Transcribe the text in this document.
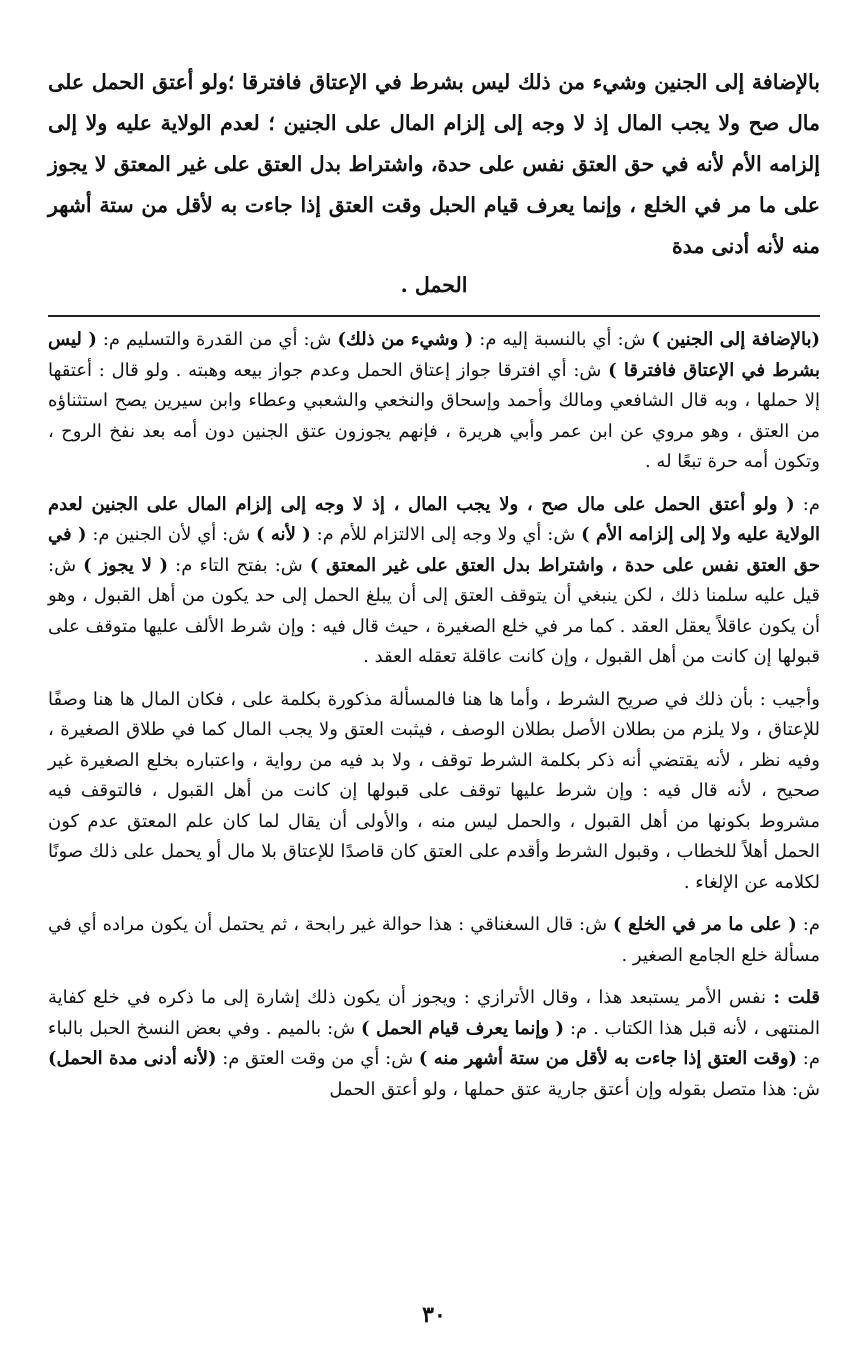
بالإضافة إلى الجنين وشيء من ذلك ليس بشرط في الإعتاق فافترقا ؛ولو أعتق الحمل على مال صح ولا يجب المال إذ لا وجه إلى إلزام المال على الجنين ؛ لعدم الولاية عليه ولا إلى إلزامه الأم لأنه في حق العتق نفس على حدة، واشتراط بدل العتق على غير المعتق لا يجوز على ما مر في الخلع ، وإنما يعرف قيام الحبل وقت العتق إذا جاءت به لأقل من ستة أشهر منه لأنه أدنى مدة

الحمل .

(بالإضافة إلى الجنين ) ش: أي بالنسبة إليه م: ( وشيء من ذلك) ش: أي من القدرة والتسليم م: ( ليس بشرط في الإعتاق فافترقا ) ش: أي افترقا جواز إعتاق الحمل وعدم جواز بيعه وهبته . ولو قال : أعتقها إلا حملها ، وبه قال الشافعي ومالك وأحمد وإسحاق والنخعي والشعبي وعطاء وابن سيرين يصح استثناؤه من العتق ، وهو مروي عن ابن عمر وأبي هريرة ، فإنهم يجوزون عتق الجنين دون أمه بعد نفخ الروح ، وتكون أمه حرة تبعًا له .

م: ( ولو أعتق الحمل على مال صح ، ولا يجب المال ، إذ لا وجه إلى إلزام المال على الجنين لعدم الولاية عليه ولا إلى إلزامه الأم ) ش: أي ولا وجه إلى الالتزام للأم م: ( لأنه ) ش: أي لأن الجنين م: ( في حق العتق نفس على حدة ، واشتراط بدل العتق على غير المعتق ) ش: بفتح التاء م: ( لا يجوز ) ش: قيل عليه سلمنا ذلك ، لكن ينبغي أن يتوقف العتق إلى أن يبلغ الحمل إلى حد يكون من أهل القبول ، وهو أن يكون عاقلاً يعقل العقد . كما مر في خلع الصغيرة ، حيث قال فيه : وإن شرط الألف عليها متوقف على قبولها إن كانت من أهل القبول ، وإن كانت عاقلة تعقله العقد .

وأجيب : بأن ذلك في صريح الشرط ، وأما ها هنا فالمسألة مذكورة بكلمة على ، فكان المال ها هنا وصفًا للإعتاق ، ولا يلزم من بطلان الأصل بطلان الوصف ، فيثبت العتق ولا يجب المال كما في طلاق الصغيرة ، وفيه نظر ، لأنه يقتضي أنه ذكر بكلمة الشرط توقف ، ولا بد فيه من رواية ، واعتباره بخلع الصغيرة غير صحيح ، لأنه قال فيه : وإن شرط عليها توقف على قبولها إن كانت من أهل القبول ، فالتوقف فيه مشروط بكونها من أهل القبول ، والحمل ليس منه ، والأولى أن يقال لما كان علم المعتق عدم كون الحمل أهلاً للخطاب ، وقبول الشرط وأقدم على العتق كان قاصدًا للإعتاق بلا مال أو يحمل على ذلك صونًا لكلامه عن الإلغاء .

م: ( على ما مر في الخلع ) ش: قال السغناقي : هذا حوالة غير رابحة ، ثم يحتمل أن يكون مراده أي في مسألة خلع الجامع الصغير .

قلت : نفس الأمر يستبعد هذا ، وقال الأترازي : ويجوز أن يكون ذلك إشارة إلى ما ذكره في خلع كفاية المنتهى ، لأنه قبل هذا الكتاب . م: ( وإنما يعرف قيام الحمل ) ش: بالميم . وفي بعض النسخ الحبل بالباء م: (وقت العتق إذا جاءت به لأقل من ستة أشهر منه ) ش: أي من وقت العتق م: (لأنه أدنى مدة الحمل) ش: هذا متصل بقوله وإن أعتق جارية عتق حملها ، ولو أعتق الحمل

٣٠
